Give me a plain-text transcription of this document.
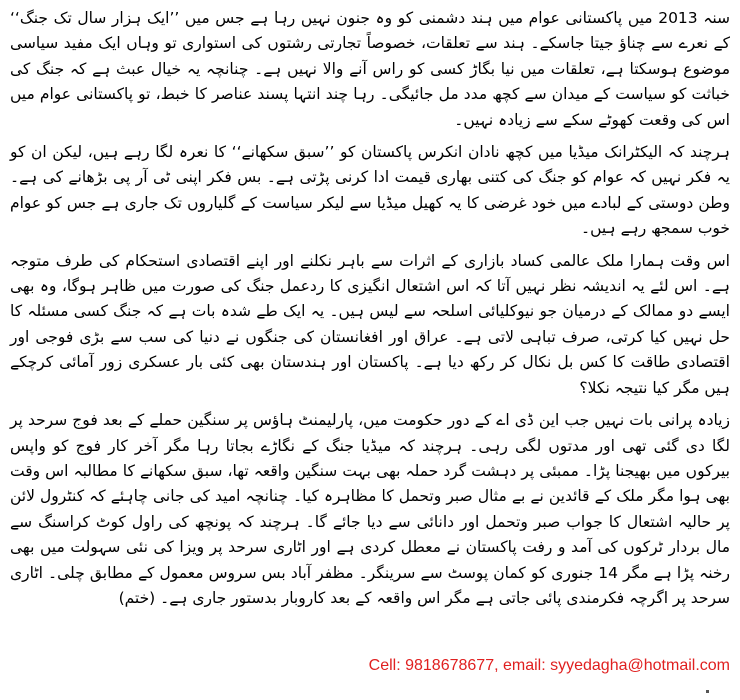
سنہ 2013 میں پاکستانی عوام میں ہند دشمنی کو وہ جنون نہیں رہا ہے جس میں ’’ایک ہزار سال تک جنگ‘‘ کے نعرے سے چناؤ جیتا جاسکے۔ ہند سے تعلقات، خصوصاً تجارتی رشتوں کی استواری تو وہاں ایک مفید سیاسی موضوع ہوسکتا ہے، تعلقات میں نیا بگاڑ کسی کو راس آنے والا نہیں ہے۔ چنانچہ یہ خیال عبث ہے کہ جنگ کی خباثت کو سیاست کے میدان سے کچھ مدد مل جائیگی۔ رہا چند انتہا پسند عناصر کا خبط، تو پاکستانی عوام میں اس کی وقعت کھوٹے سکے سے زیادہ نہیں۔

ہرچند کہ الیکٹرانک میڈیا میں کچھ نادان انکرس پاکستان کو ’’سبق سکھانے‘‘ کا نعرہ لگا رہے ہیں، لیکن ان کو یہ فکر نہیں کہ عوام کو جنگ کی کتنی بھاری قیمت ادا کرنی پڑتی ہے۔ بس فکر اپنی ٹی آر پی بڑھانے کی ہے۔ وطن دوستی کے لبادے میں خود غرضی کا یہ کھیل میڈیا سے لیکر سیاست کے گلیاروں تک جاری ہے جس کو عوام خوب سمجھ رہے ہیں۔

اس وقت ہمارا ملک عالمی کساد بازاری کے اثرات سے باہر نکلنے اور اپنے اقتصادی استحکام کی طرف متوجہ ہے۔ اس لئے یہ اندیشہ نظر نہیں آتا کہ اس اشتعال انگیزی کا ردعمل جنگ کی صورت میں ظاہر ہوگا، وہ بھی ایسے دو ممالک کے درمیان جو نیوکلیائی اسلحہ سے لیس ہیں۔ یہ ایک طے شدہ بات ہے کہ جنگ کسی مسئلہ کا حل نہیں کیا کرتی، صرف تباہی لاتی ہے۔ عراق اور افغانستان کی جنگوں نے دنیا کی سب سے بڑی فوجی اور اقتصادی طاقت کا کس بل نکال کر رکھ دیا ہے۔ پاکستان اور ہندستان بھی کئی بار عسکری زور آمائی کرچکے ہیں مگر کیا نتیجہ نکلا؟

زیادہ پرانی بات نہیں جب این ڈی اے کے دور حکومت میں، پارلیمنٹ ہاؤس پر سنگین حملے کے بعد فوج سرحد پر لگا دی گئی تھی اور مدتوں لگی رہی۔ ہرچند کہ میڈیا جنگ کے نگاڑے بجاتا رہا مگر آخر کار فوج کو واپس بیرکوں میں بھیجنا پڑا۔ ممبئی پر دہشت گرد حملہ بھی بہت سنگین واقعہ تھا، سبق سکھانے کا مطالبہ اس وقت بھی ہوا مگر ملک کے قائدین نے بے مثال صبر وتحمل کا مظاہرہ کیا۔ چنانچہ امید کی جانی چاہئے کہ کنٹرول لائن پر حالیہ اشتعال کا جواب صبر وتحمل اور دانائی سے دیا جائے گا۔ ہرچند کہ پونچھ کی راول کوٹ کراسنگ سے مال بردار ٹرکوں کی آمد و رفت پاکستان نے معطل کردی ہے اور اٹاری سرحد پر ویزا کی نئی سہولت میں بھی رخنہ پڑا ہے مگر 14 جنوری کو کمان پوسٹ سے سرینگر۔ مظفر آباد بس سروس معمول کے مطابق چلی۔ اٹاری سرحد پر اگرچہ فکرمندی پائی جاتی ہے مگر اس واقعہ کے بعد کاروبار بدستور جاری ہے۔ (ختم)

Cell: 9818678677, email: syyedagha@hotmail.com
